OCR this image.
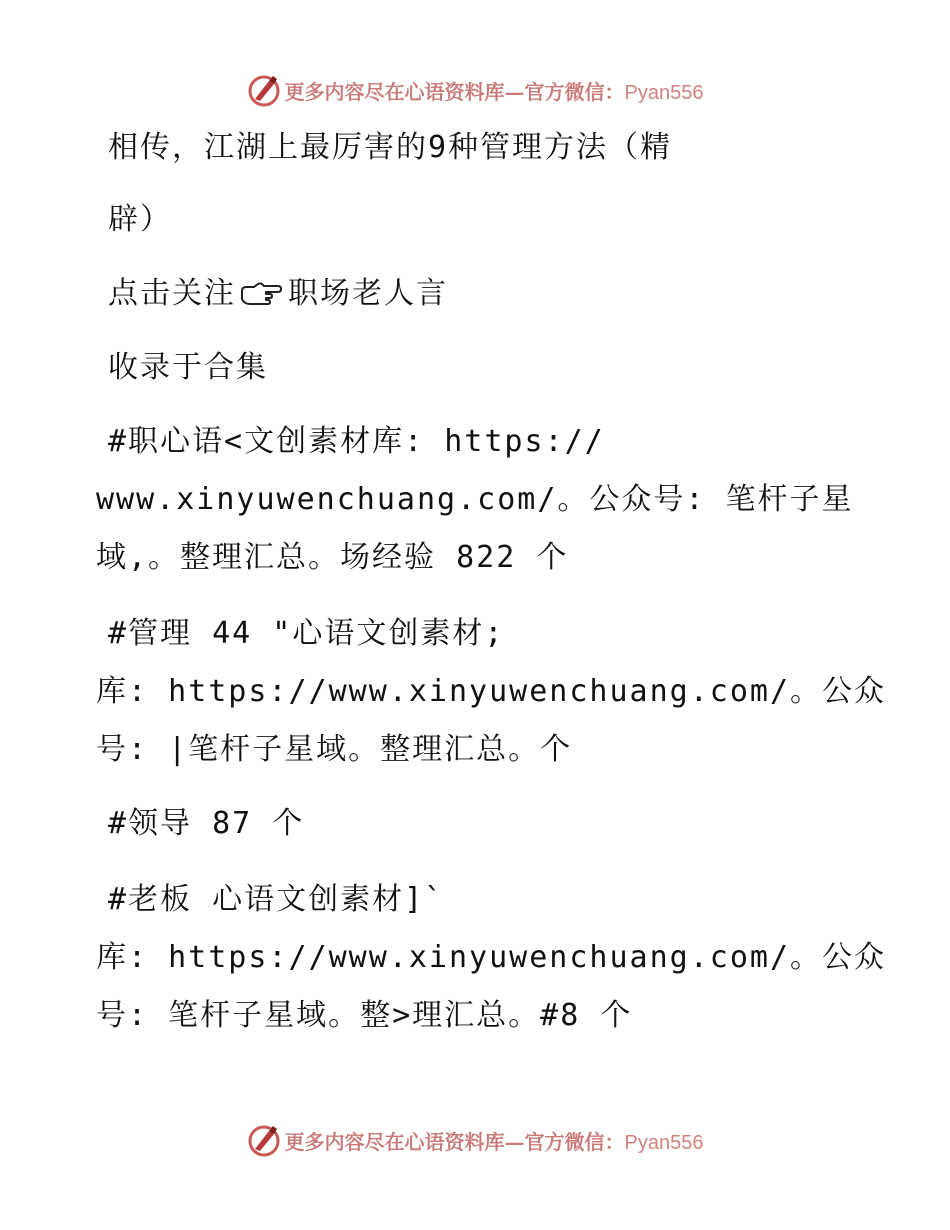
更多内容尽在心语资料库—官方微信：Pyan556
相传，江湖上最厉害的9种管理方法（精
辟）
点击关注 职场老人言
收录于合集
#职心语<文创素材库: https://
www.xinyuwenchuang.com/。公众号: 笔杆子星
域,。整理汇总。场经验 822 个
#管理 44 "心语文创素材;
库: https://www.xinyuwenchuang.com/。公众
号: |笔杆子星域。整理汇总。个
#领导 87 个
#老板 心语文创素材]`
库: https://www.xinyuwenchuang.com/。公众
号: 笔杆子星域。整>理汇总。#8 个
更多内容尽在心语资料库—官方微信：Pyan556
